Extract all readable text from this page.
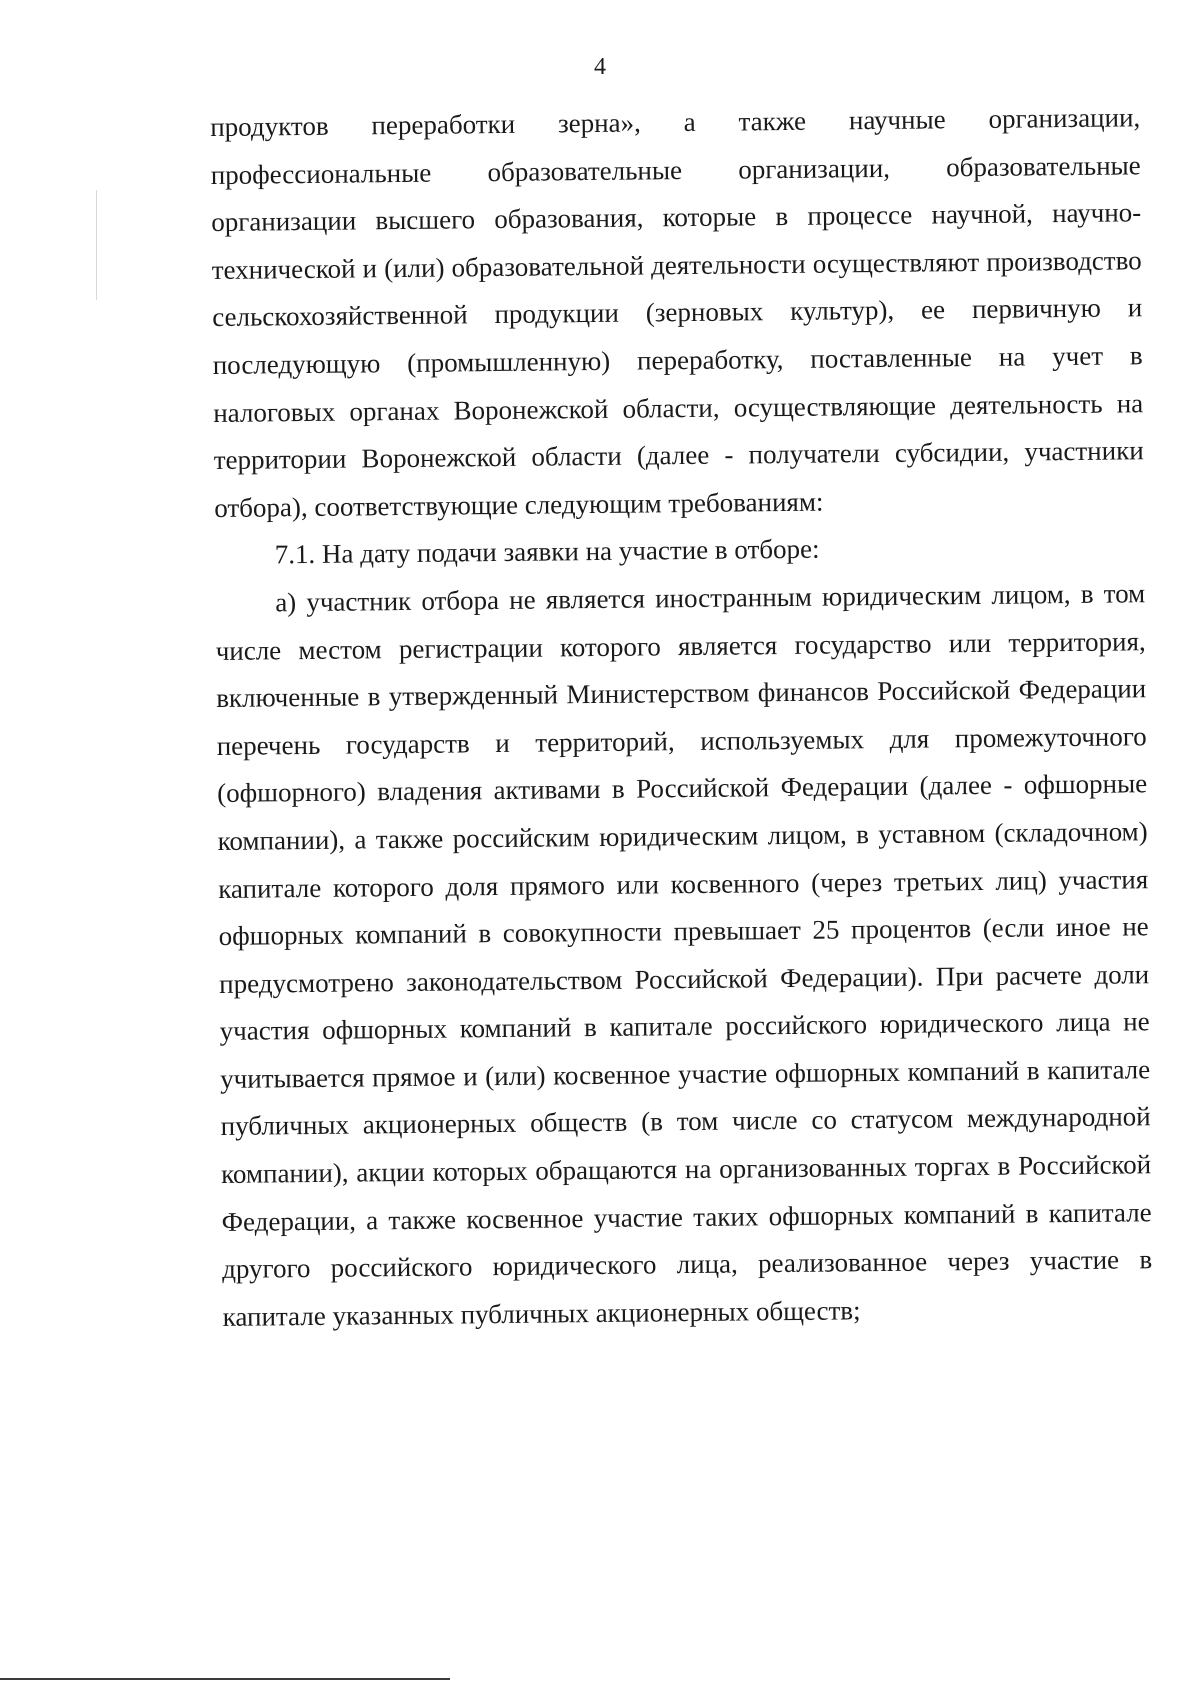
4

продуктов переработки зерна», а также научные организации, профессиональные образовательные организации, образовательные организации высшего образования, которые в процессе научной, научно-технической и (или) образовательной деятельности осуществляют производство сельскохозяйственной продукции (зерновых культур), ее первичную и последующую (промышленную) переработку, поставленные на учет в налоговых органах Воронежской области, осуществляющие деятельность на территории Воронежской области (далее - получатели субсидии, участники отбора), соответствующие следующим требованиям:

7.1. На дату подачи заявки на участие в отборе:

а) участник отбора не является иностранным юридическим лицом, в том числе местом регистрации которого является государство или территория, включенные в утвержденный Министерством финансов Российской Федерации перечень государств и территорий, используемых для промежуточного (офшорного) владения активами в Российской Федерации (далее - офшорные компании), а также российским юридическим лицом, в уставном (складочном) капитале которого доля прямого или косвенного (через третьих лиц) участия офшорных компаний в совокупности превышает 25 процентов (если иное не предусмотрено законодательством Российской Федерации). При расчете доли участия офшорных компаний в капитале российского юридического лица не учитывается прямое и (или) косвенное участие офшорных компаний в капитале публичных акционерных обществ (в том числе со статусом международной компании), акции которых обращаются на организованных торгах в Российской Федерации, а также косвенное участие таких офшорных компаний в капитале другого российского юридического лица, реализованное через участие в капитале указанных публичных акционерных обществ;
